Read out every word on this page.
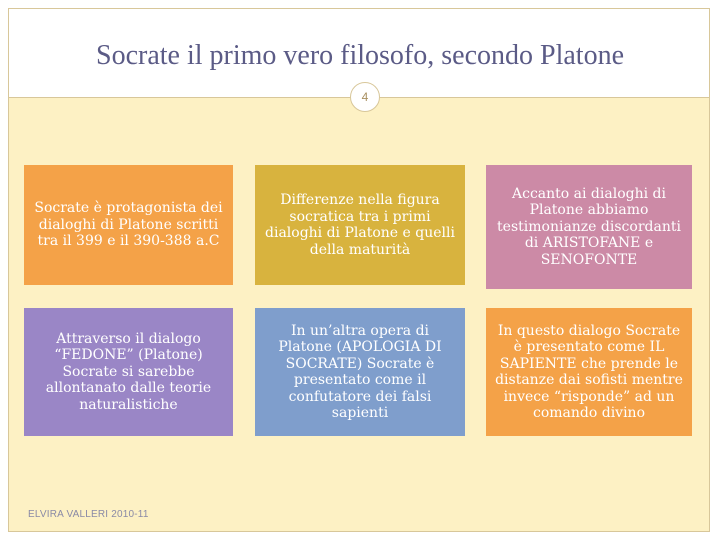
Socrate il primo vero filosofo, secondo Platone
4
Socrate è protagonista dei dialoghi di Platone scritti tra il 399 e il 390-388 a.C
Differenze nella figura socratica tra i primi dialoghi di Platone e quelli della maturità
Accanto ai dialoghi di Platone abbiamo testimonianze discordanti di ARISTOFANE e SENOFONTE
Attraverso il dialogo “FEDONE” (Platone) Socrate si sarebbe allontanato dalle teorie naturalistiche
In un’altra opera di Platone (APOLOGIA DI SOCRATE) Socrate è presentato come il confutatore dei falsi sapienti
In questo dialogo Socrate è presentato come IL SAPIENTE che prende le distanze dai sofisti mentre invece “risponde” ad un comando divino
ELVIRA VALLERI 2010-11
